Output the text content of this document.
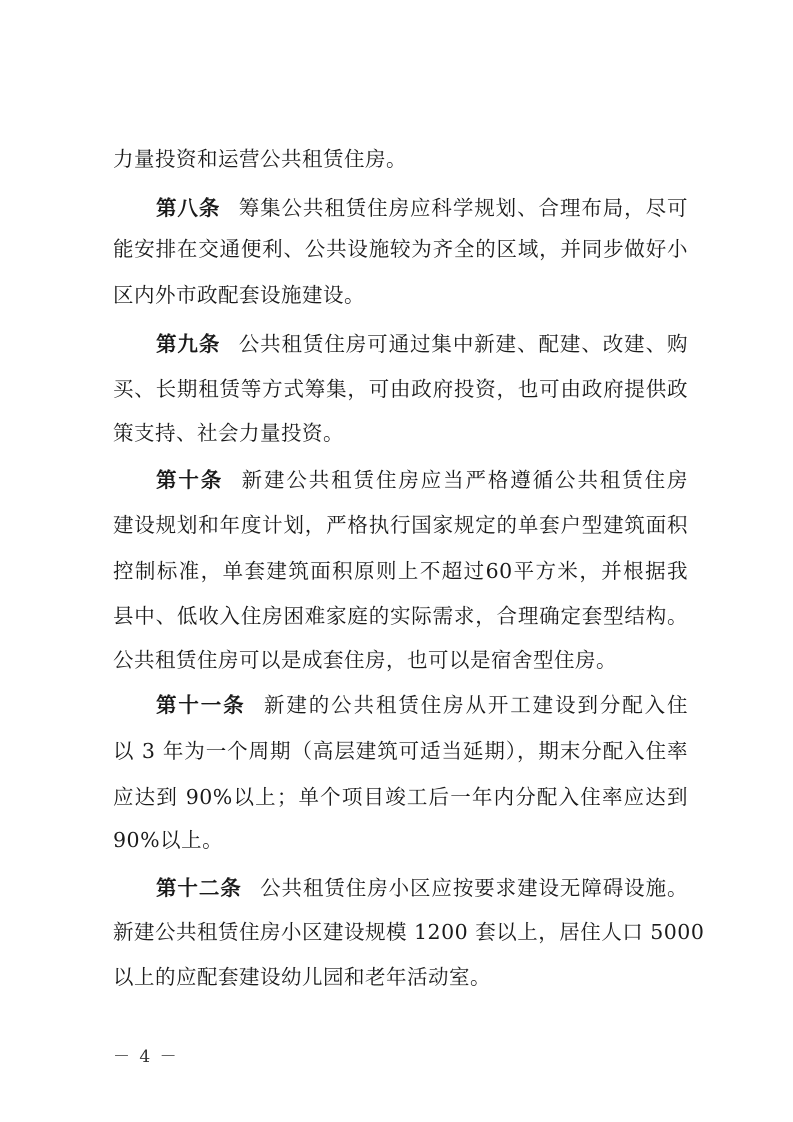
力量投资和运营公共租赁住房。
第八条 筹集公共租赁住房应科学规划、合理布局，尽可
能安排在交通便利、公共设施较为齐全的区域，并同步做好小
区内外市政配套设施建设。
第九条 公共租赁住房可通过集中新建、配建、改建、购
买、长期租赁等方式筹集，可由政府投资，也可由政府提供政
策支持、社会力量投资。
第十条 新建公共租赁住房应当严格遵循公共租赁住房
建设规划和年度计划，严格执行国家规定的单套户型建筑面积
控制标准，单套建筑面积原则上不超过60平方米，并根据我
县中、低收入住房困难家庭的实际需求，合理确定套型结构。
公共租赁住房可以是成套住房，也可以是宿舍型住房。
第十一条 新建的公共租赁住房从开工建设到分配入住
以 3 年为一个周期（高层建筑可适当延期），期末分配入住率
应达到 90%以上；单个项目竣工后一年内分配入住率应达到
90%以上。
第十二条 公共租赁住房小区应按要求建设无障碍设施。
新建公共租赁住房小区建设规模 1200 套以上，居住人口 5000
以上的应配套建设幼儿园和老年活动室。
－ 4 －
